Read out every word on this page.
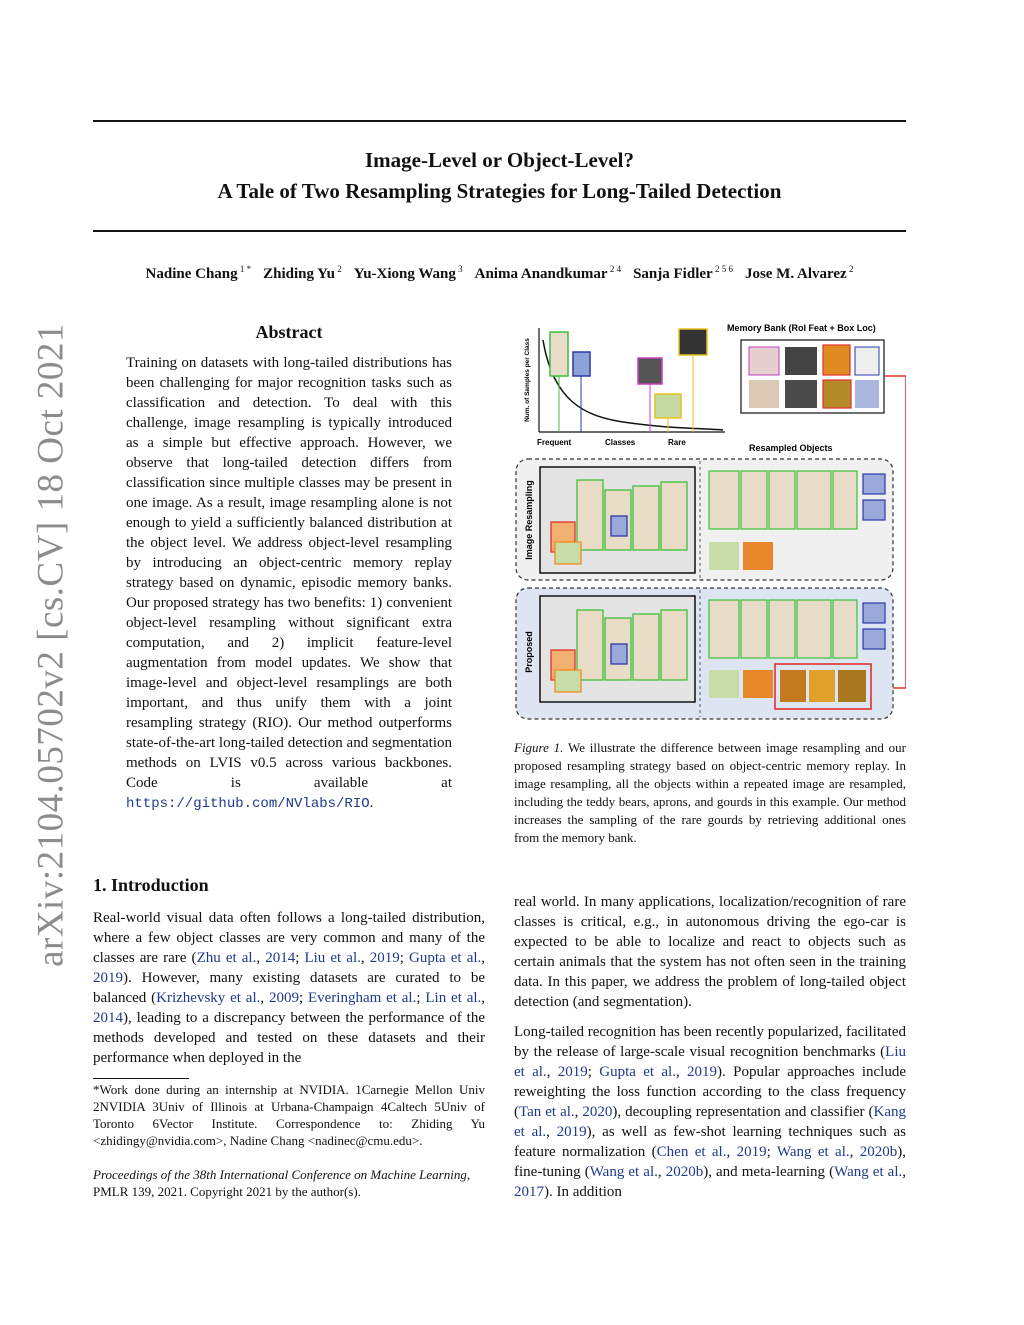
arXiv:2104.05702v2 [cs.CV] 18 Oct 2021
Image-Level or Object-Level?
A Tale of Two Resampling Strategies for Long-Tailed Detection
Nadine Chang $^{1 *}$ Zhiding Yu $^2$ Yu-Xiong Wang $^3$ Anima Anandkumar $^{2 4}$ Sanja Fidler $^{2 5 6}$ Jose M. Alvarez $^2$
Abstract
Training on datasets with long-tailed distributions has been challenging for major recognition tasks such as classification and detection. To deal with this challenge, image resampling is typically introduced as a simple but effective approach. However, we observe that long-tailed detection differs from classification since multiple classes may be present in one image. As a result, image resampling alone is not enough to yield a sufficiently balanced distribution at the object level. We address object-level resampling by introducing an object-centric memory replay strategy based on dynamic, episodic memory banks. Our proposed strategy has two benefits: 1) convenient object-level resampling without significant extra computation, and 2) implicit feature-level augmentation from model updates. We show that image-level and object-level resamplings are both important, and thus unify them with a joint resampling strategy (RIO). Our method outperforms state-of-the-art long-tailed detection and segmentation methods on LVIS v0.5 across various backbones. Code is available at https://github.com/NVlabs/RIO.
1. Introduction
Real-world visual data often follows a long-tailed distribution, where a few object classes are very common and many of the classes are rare (Zhu et al., 2014; Liu et al., 2019; Gupta et al., 2019). However, many existing datasets are curated to be balanced (Krizhevsky et al., 2009; Everingham et al.; Lin et al., 2014), leading to a discrepancy between the performance of the methods developed and tested on these datasets and their performance when deployed in the
*Work done during an internship at NVIDIA. 1Carnegie Mellon Univ 2NVIDIA 3Univ of Illinois at Urbana-Champaign 4Caltech 5Univ of Toronto 6Vector Institute. Correspondence to: Zhiding Yu <zhidingy@nvidia.com>, Nadine Chang <nadinec@cmu.edu>.
Proceedings of the 38th International Conference on Machine Learning, PMLR 139, 2021. Copyright 2021 by the author(s).
Num. of Samples per Class
Frequent	Classes	Rare
Memory Bank (RoI Feat + Box Loc)
Resampled Objects
Image Resampling
Proposed
Figure 1. We illustrate the difference between image resampling and our proposed resampling strategy based on object-centric memory replay. In image resampling, all the objects within a repeated image are resampled, including the teddy bears, aprons, and gourds in this example. Our method increases the sampling of the rare gourds by retrieving additional ones from the memory bank.

real world. In many applications, localization/recognition of rare classes is critical, e.g., in autonomous driving the ego-car is expected to be able to localize and react to objects such as certain animals that the system has not often seen in the training data. In this paper, we address the problem of long-tailed object detection (and segmentation).

Long-tailed recognition has been recently popularized, facilitated by the release of large-scale visual recognition benchmarks (Liu et al., 2019; Gupta et al., 2019). Popular approaches include reweighting the loss function according to the class frequency (Tan et al., 2020), decoupling representation and classifier (Kang et al., 2019), as well as few-shot learning techniques such as feature normalization (Chen et al., 2019; Wang et al., 2020b), fine-tuning (Wang et al., 2020b), and meta-learning (Wang et al., 2017). In addition
